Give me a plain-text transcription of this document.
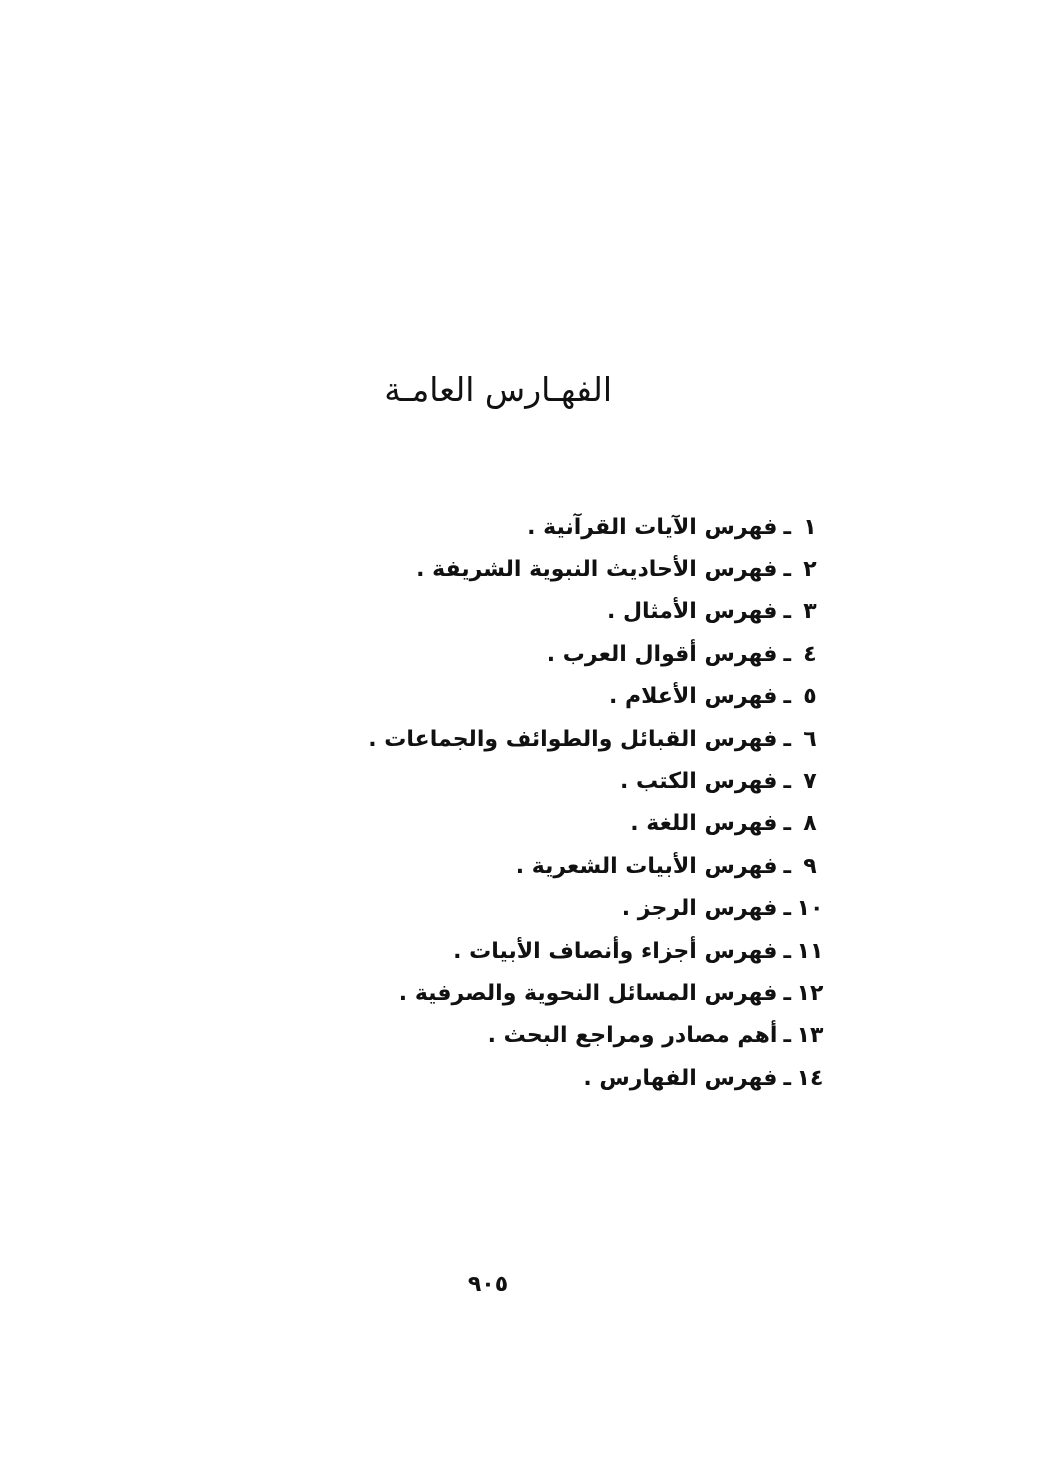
الفهـارس العامـة
١
ـ
فهرس الآيات القرآنية .
٢
ـ
فهرس الأحاديث النبوية الشريفة .
٣
ـ
فهرس الأمثال .
٤
ـ
فهرس أقوال العرب .
٥
ـ
فهرس الأعلام .
٦
ـ
فهرس القبائل والطوائف والجماعات .
٧
ـ
فهرس الكتب .
٨
ـ
فهرس اللغة .
٩
ـ
فهرس الأبيات الشعرية .
١٠
ـ
فهرس الرجز .
١١
ـ
فهرس أجزاء وأنصاف الأبيات .
١٢
ـ
فهرس المسائل النحوية والصرفية .
١٣
ـ
أهم مصادر ومراجع البحث .
١٤
ـ
فهرس الفهارس .
٩٠٥
